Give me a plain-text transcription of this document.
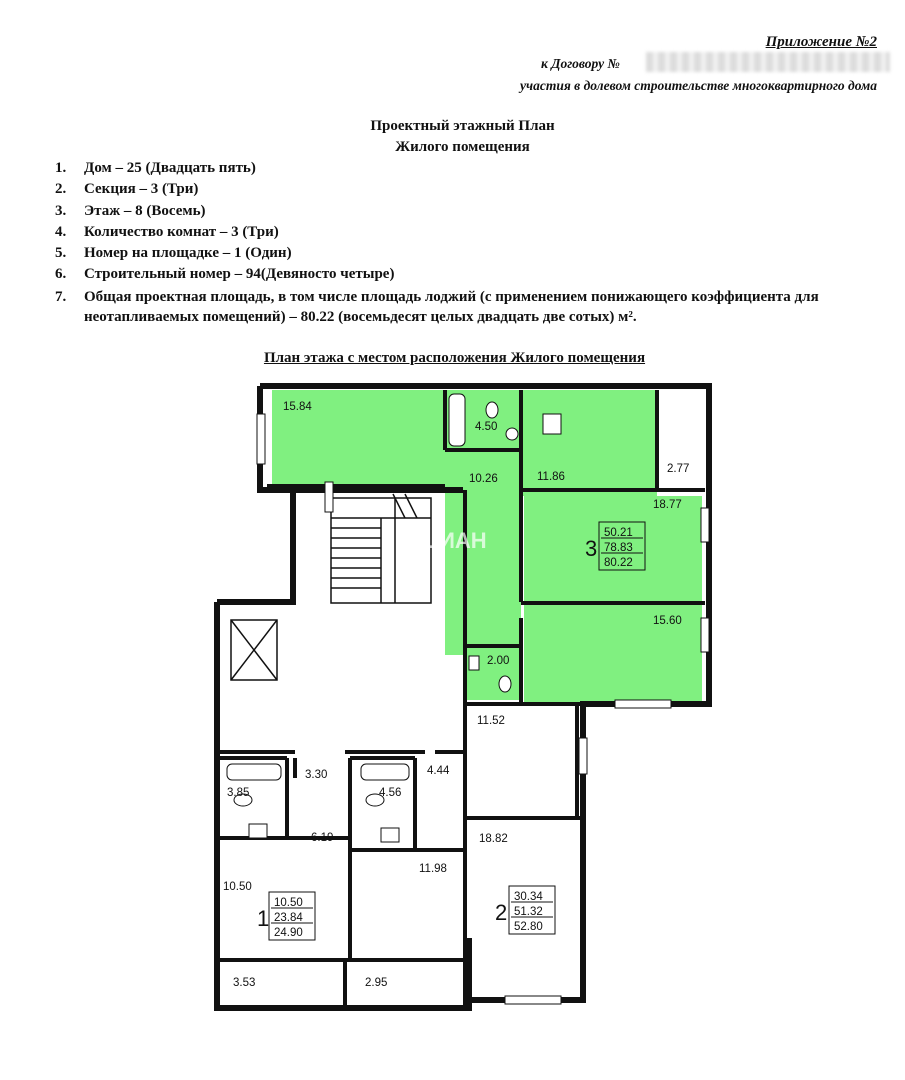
Приложение №2
к Договору №
участия в долевом строительстве многоквартирного дома
Проектный этажный План
Жилого помещения
1. Дом – 25 (Двадцать пять)
2. Секция – 3 (Три)
3. Этаж – 8 (Восемь)
4. Количество комнат – 3 (Три)
5. Номер на площадке – 1 (Один)
6. Строительный номер – 94(Девяносто четыре)
7. Общая проектная площадь, в том числе площадь лоджий (с применением понижающего коэффициента для неотапливаемых помещений) – 80.22 (восемьдесят целых двадцать две сотых) м².
План этажа с местом расположения Жилого помещения
ЦИАН
15.84
4.50
10.26	11.86
2.77
18.77
15.60
2.00
11.52
3.30	4.44
3.85	4.56
6.19
11.98
18.82
10.50
3.53	2.95
3
50.21
78.83
80.22
1
10.50
23.84
24.90
2
30.34
51.32
52.80
